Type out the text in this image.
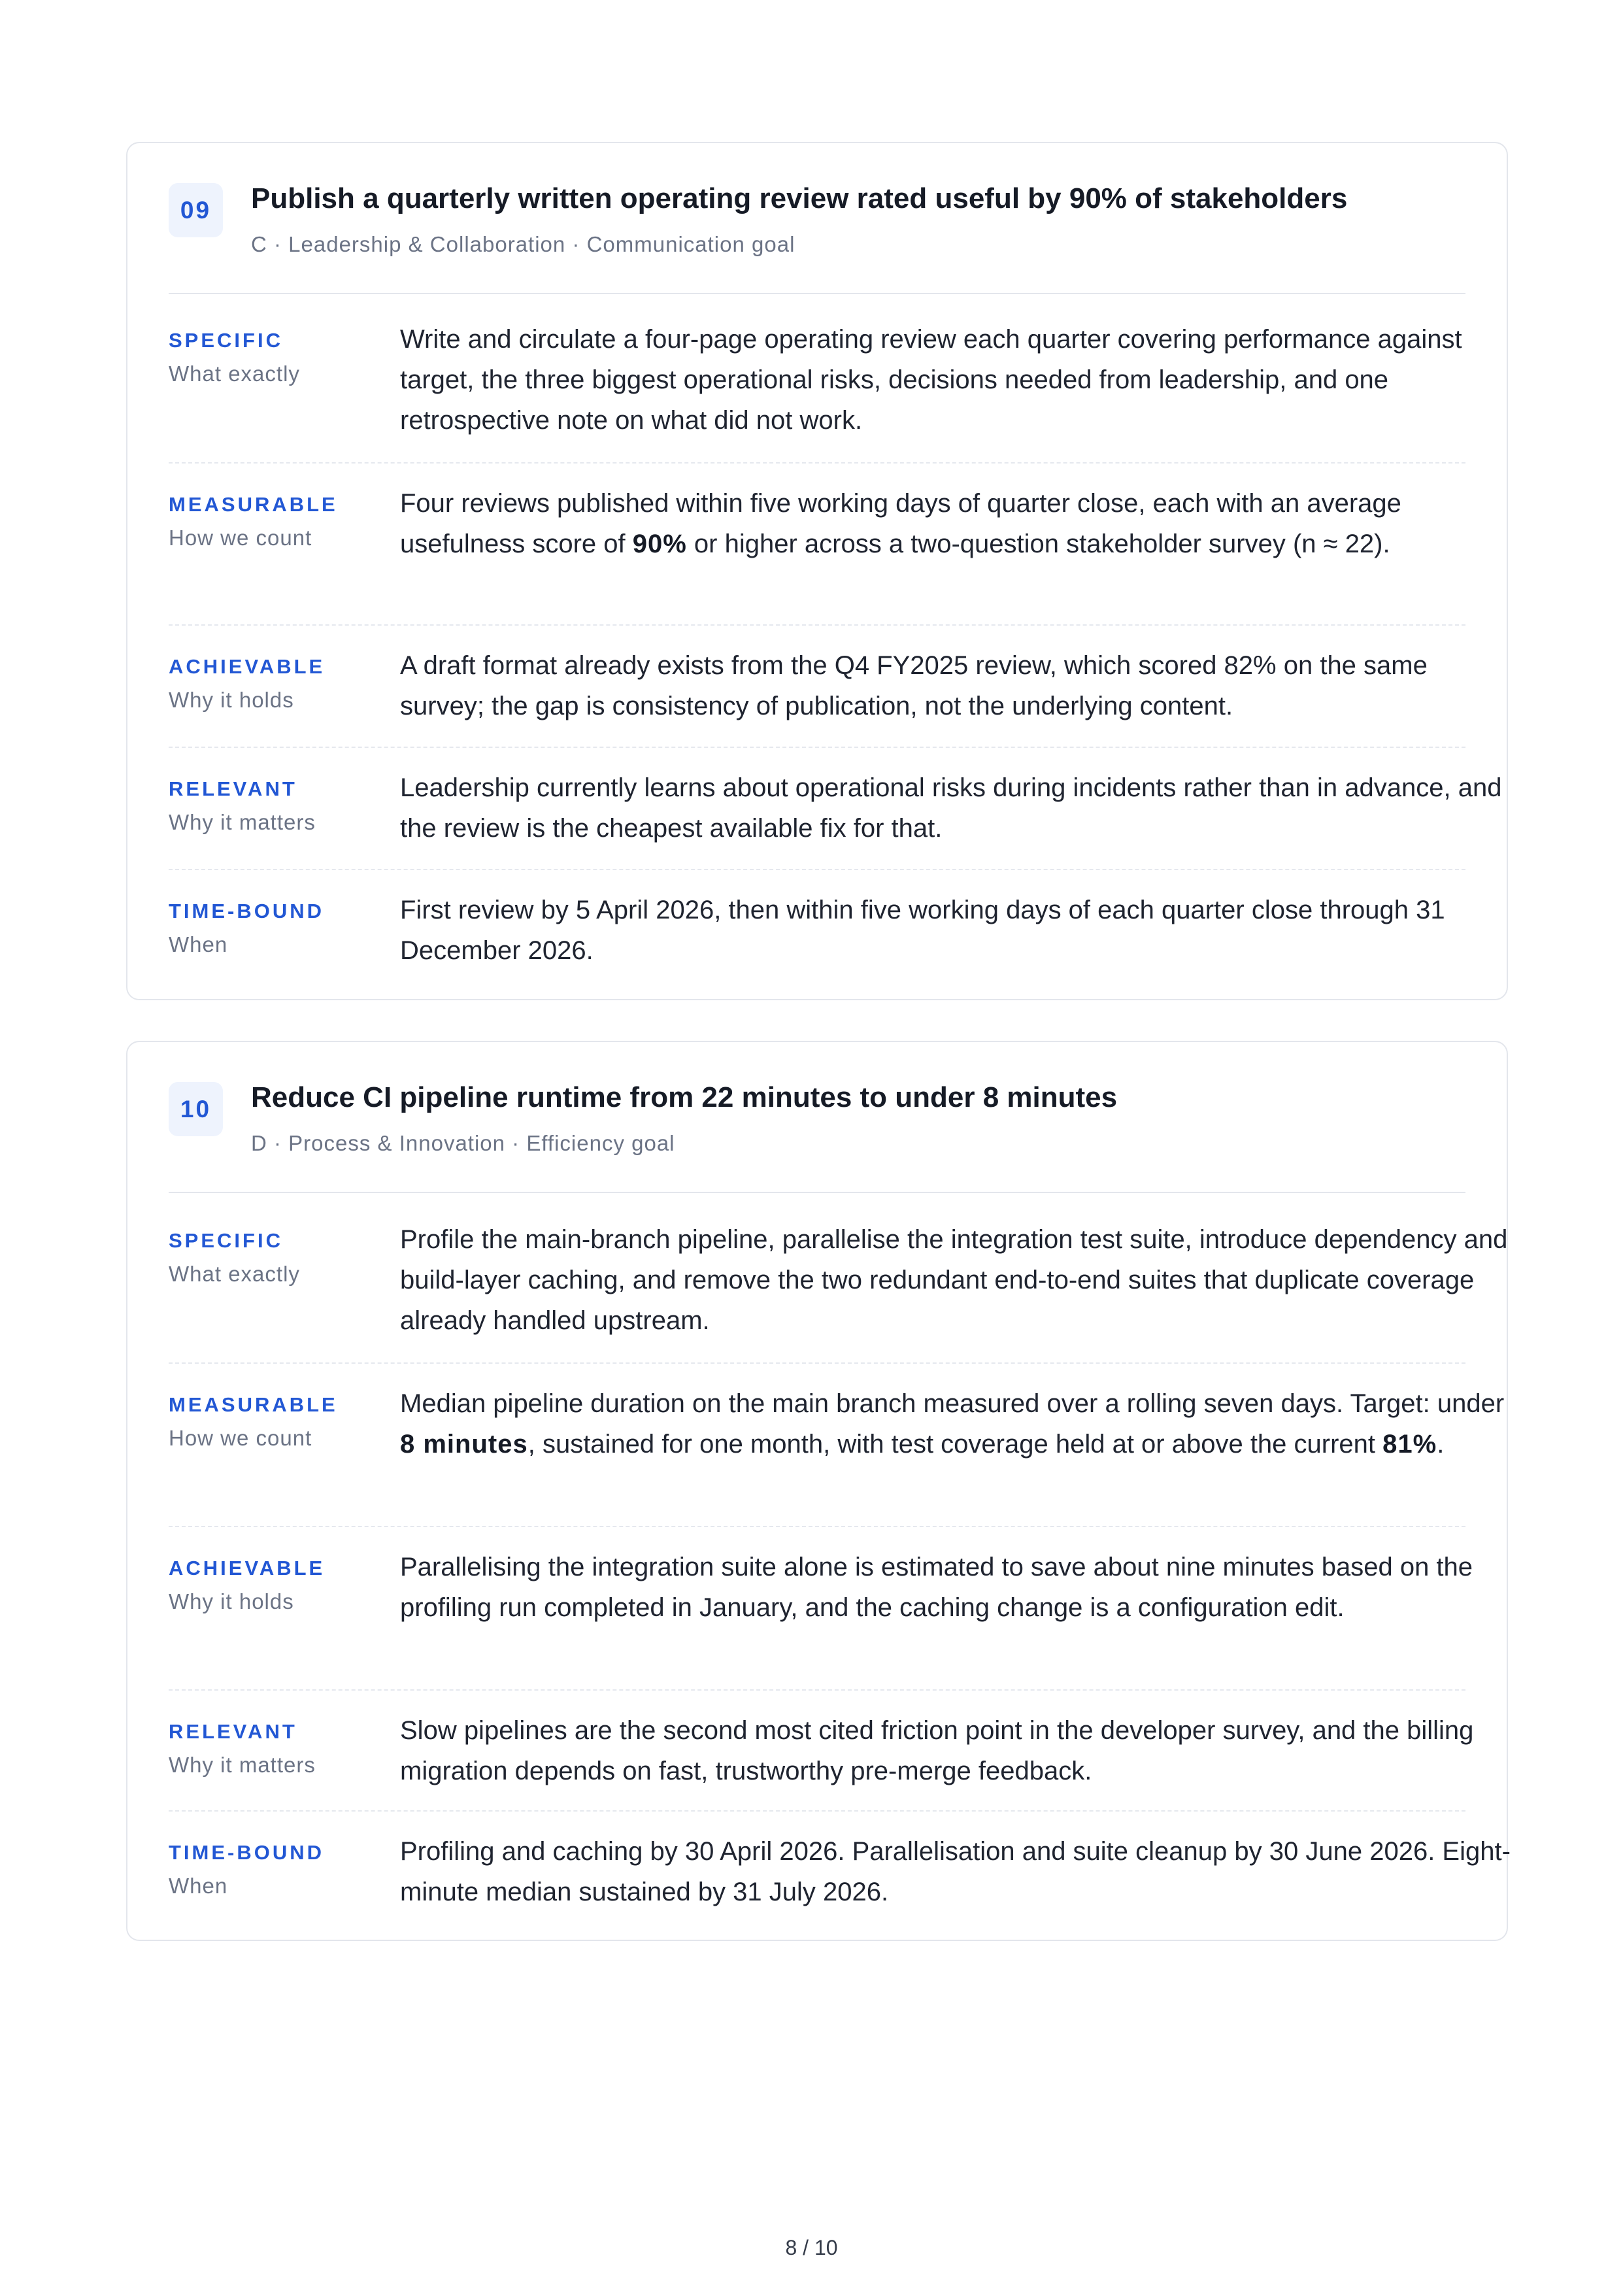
09	Publish a quarterly written operating review rated useful by 90% of stakeholders
C · Leadership & Collaboration · Communication goal
SPECIFIC
What exactly
Write and circulate a four-page operating review each quarter covering performance against target, the three biggest operational risks, decisions needed from leadership, and one retrospective note on what did not work.
MEASURABLE
How we count
Four reviews published within five working days of quarter close, each with an average usefulness score of 90% or higher across a two-question stakeholder survey (n ≈ 22).
ACHIEVABLE
Why it holds
A draft format already exists from the Q4 FY2025 review, which scored 82% on the same survey; the gap is consistency of publication, not the underlying content.
RELEVANT
Why it matters
Leadership currently learns about operational risks during incidents rather than in advance, and the review is the cheapest available fix for that.
TIME-BOUND
When
First review by 5 April 2026, then within five working days of each quarter close through 31 December 2026.
10	Reduce CI pipeline runtime from 22 minutes to under 8 minutes
D · Process & Innovation · Efficiency goal
SPECIFIC
What exactly
Profile the main-branch pipeline, parallelise the integration test suite, introduce dependency and build-layer caching, and remove the two redundant end-to-end suites that duplicate coverage already handled upstream.
MEASURABLE
How we count
Median pipeline duration on the main branch measured over a rolling seven days. Target: under 8 minutes, sustained for one month, with test coverage held at or above the current 81%.
ACHIEVABLE
Why it holds
Parallelising the integration suite alone is estimated to save about nine minutes based on the profiling run completed in January, and the caching change is a configuration edit.
RELEVANT
Why it matters
Slow pipelines are the second most cited friction point in the developer survey, and the billing migration depends on fast, trustworthy pre-merge feedback.
TIME-BOUND
When
Profiling and caching by 30 April 2026. Parallelisation and suite cleanup by 30 June 2026. Eight-minute median sustained by 31 July 2026.
8 / 10
